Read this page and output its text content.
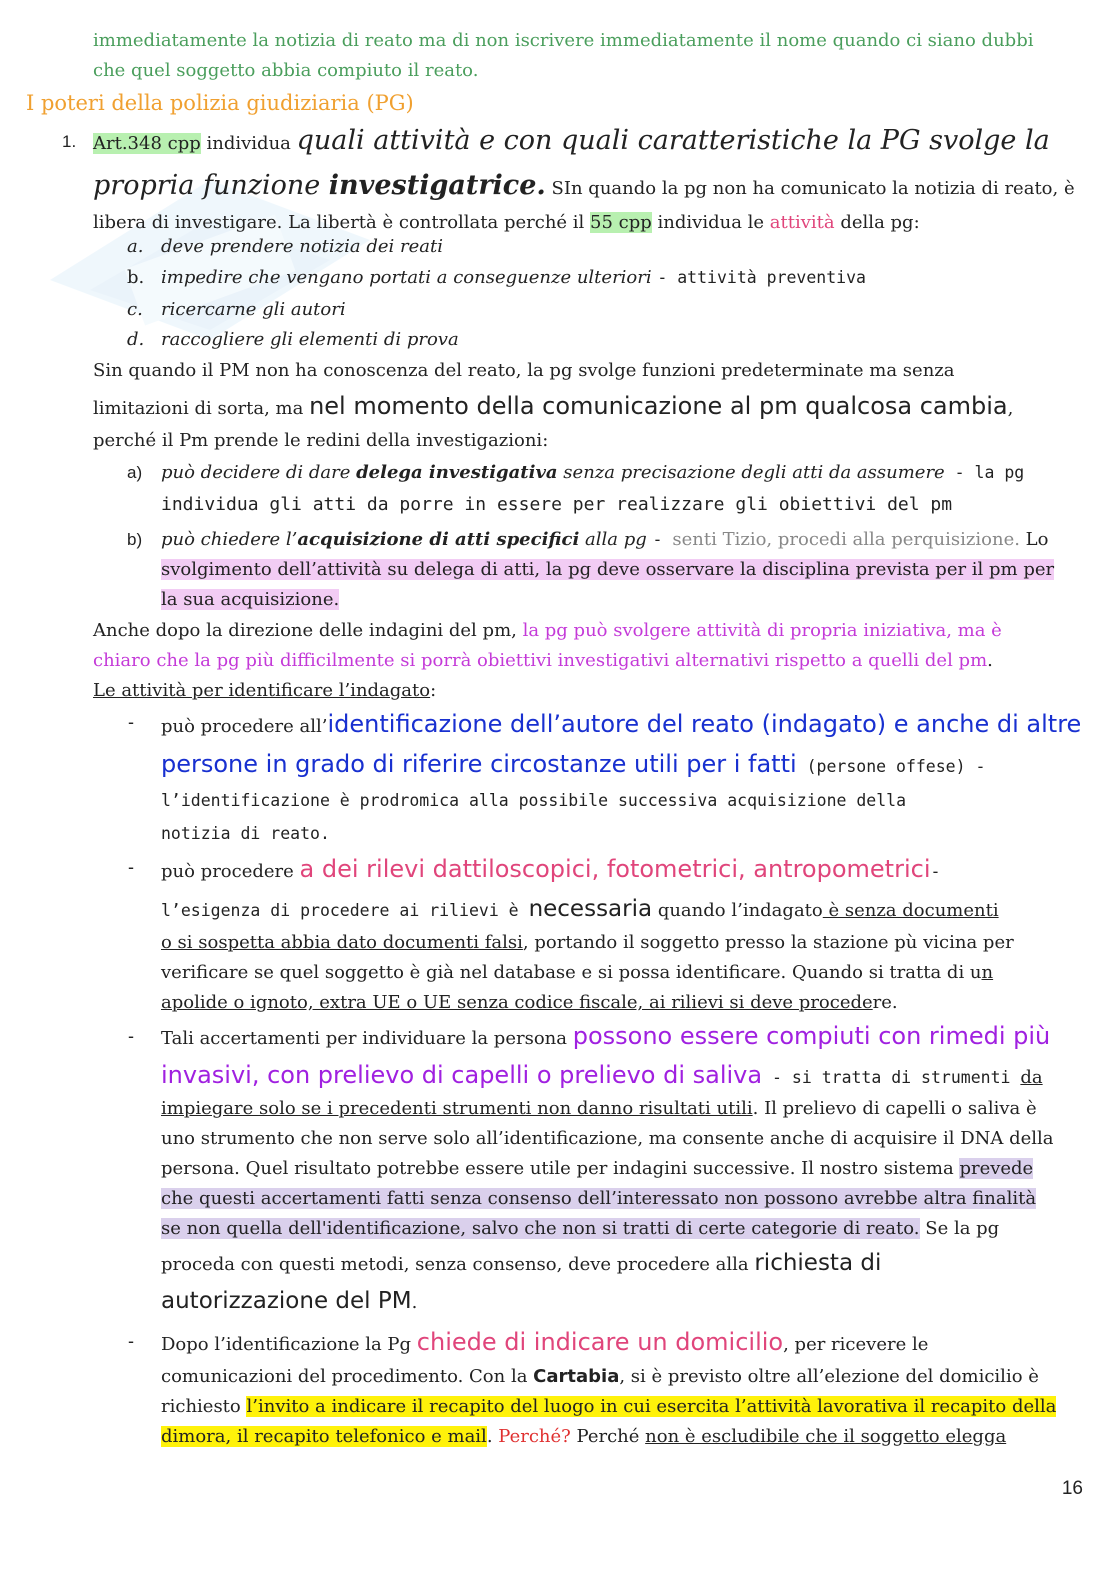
immediatamente la notizia di reato ma di non iscrivere immediatamente il nome quando ci siano dubbi
che quel soggetto abbia compiuto il reato.
I poteri della polizia giudiziaria (PG)
1. Art.348 cpp individua quali attività e con quali caratteristiche la PG svolge la
propria funzione investigatrice. SIn quando la pg non ha comunicato la notizia di reato, è
libera di investigare. La libertà è controllata perché il 55 cpp individua le attività della pg:
a. deve prendere notizia dei reati
b. impedire che vengano portati a conseguenze ulteriori - attività preventiva
c. ricercarne gli autori
d. raccogliere gli elementi di prova
Sin quando il PM non ha conoscenza del reato, la pg svolge funzioni predeterminate ma senza
limitazioni di sorta, ma nel momento della comunicazione al pm qualcosa cambia,
perché il Pm prende le redini della investigazioni:
a) può decidere di dare delega investigativa senza precisazione degli atti da assumere - la pg
individua gli atti da porre in essere per realizzare gli obiettivi del pm
b) può chiedere l’acquisizione di atti specifici alla pg - senti Tizio, procedi alla perquisizione. Lo
svolgimento dell’attività su delega di atti, la pg deve osservare la disciplina prevista per il pm per
la sua acquisizione.
Anche dopo la direzione delle indagini del pm, la pg può svolgere attività di propria iniziativa, ma è
chiaro che la pg più difficilmente si porrà obiettivi investigativi alternativi rispetto a quelli del pm.
Le attività per identificare l’indagato:
- può procedere all’identificazione dell’autore del reato (indagato) e anche di altre
persone in grado di riferire circostanze utili per i fatti (persone offese) -
l’identificazione è prodromica alla possibile successiva acquisizione della
notizia di reato.
- può procedere a dei rilevi dattiloscopici, fotometrici, antropometrici-
l’esigenza di procedere ai rilievi è necessaria quando l’indagato è senza documenti
o si sospetta abbia dato documenti falsi, portando il soggetto presso la stazione pù vicina per
verificare se quel soggetto è già nel database e si possa identificare. Quando si tratta di un
apolide o ignoto, extra UE o UE senza codice fiscale, ai rilievi si deve procedere.
- Tali accertamenti per individuare la persona possono essere compiuti con rimedi più
invasivi, con prelievo di capelli o prelievo di saliva - si tratta di strumenti da
impiegare solo se i precedenti strumenti non danno risultati utili. Il prelievo di capelli o saliva è
uno strumento che non serve solo all’identificazione, ma consente anche di acquisire il DNA della
persona. Quel risultato potrebbe essere utile per indagini successive. Il nostro sistema prevede
che questi accertamenti fatti senza consenso dell’interessato non possono avrebbe altra finalità
se non quella dell'identificazione, salvo che non si tratti di certe categorie di reato. Se la pg
proceda con questi metodi, senza consenso, deve procedere alla richiesta di
autorizzazione del PM.
- Dopo l’identificazione la Pg chiede di indicare un domicilio, per ricevere le
comunicazioni del procedimento. Con la Cartabia, si è previsto oltre all’elezione del domicilio è
richiesto l’invito a indicare il recapito del luogo in cui esercita l’attività lavorativa il recapito della
dimora, il recapito telefonico e mail. Perché? Perché non è escludibile che il soggetto elegga
16
